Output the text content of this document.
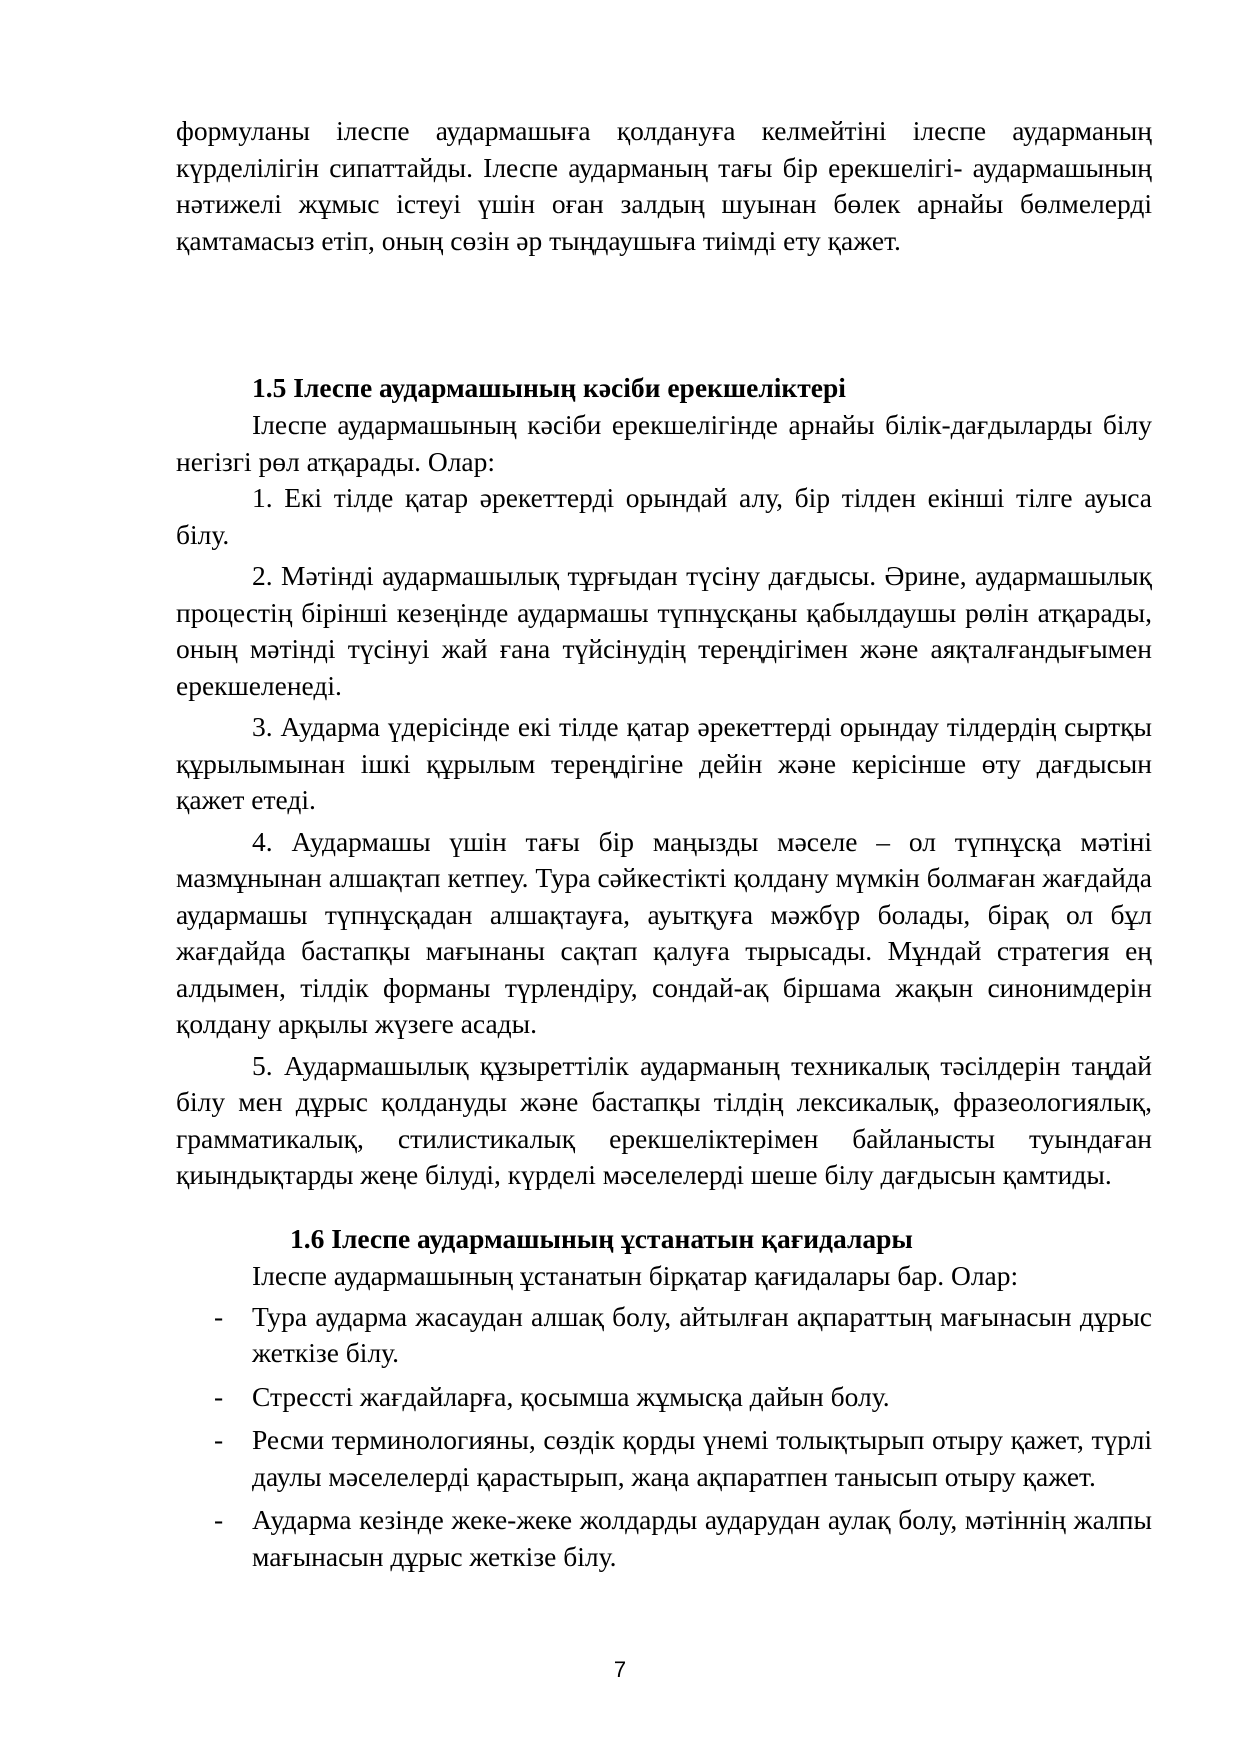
формуланы ілеспе аудармашыға қолдануға келмейтіні ілеспе аударманың күрделілігін сипаттайды. Ілеспе аударманың тағы бір ерекшелігі- аудармашының нәтижелі жұмыс істеуі үшін оған залдың шуынан бөлек арнайы бөлмелерді қамтамасыз етіп, оның сөзін әр тыңдаушыға тиімді ету қажет.

1.5 Ілеспе аудармашының кәсіби ерекшеліктері

Ілеспе аудармашының кәсіби ерекшелігінде арнайы білік-дағдыларды білу негізгі рөл атқарады. Олар:

1. Екі тілде қатар әрекеттерді орындай алу, бір тілден екінші тілге ауыса білу.

2. Мәтінді аудармашылық тұрғыдан түсіну дағдысы. Әрине, аудармашылық процестің бірінші кезеңінде аудармашы түпнұсқаны қабылдаушы рөлін атқарады, оның мәтінді түсінуі жай ғана түйсінудің тереңдігімен және аяқталғандығымен ерекшеленеді.

3. Аударма үдерісінде екі тілде қатар әрекеттерді орындау тілдердің сыртқы құрылымынан ішкі құрылым тереңдігіне дейін және керісінше өту дағдысын қажет етеді.

4. Аудармашы үшін тағы бір маңызды мәселе – ол түпнұсқа мәтіні мазмұнынан алшақтап кетпеу. Тура сәйкестікті қолдану мүмкін болмаған жағдайда аудармашы түпнұсқадан алшақтауға, ауытқуға мәжбүр болады, бірақ ол бұл жағдайда бастапқы мағынаны сақтап қалуға тырысады. Мұндай стратегия ең алдымен, тілдік форманы түрлендіру, сондай-ақ біршама жақын синонимдерін қолдану арқылы жүзеге асады.

5. Аудармашылық құзыреттілік аударманың техникалық тәсілдерін таңдай білу мен дұрыс қолдануды және бастапқы тілдің лексикалық, фразеологиялық, грамматикалық, стилистикалық ерекшеліктерімен байланысты туындаған қиындықтарды жеңе білуді, күрделі мәселелерді шеше білу дағдысын қамтиды.

1.6 Ілеспе аудармашының ұстанатын қағидалары

Ілеспе аудармашының ұстанатын бірқатар қағидалары бар. Олар:

- Тура аударма жасаудан алшақ болу, айтылған ақпараттың мағынасын дұрыс жеткізе білу.
- Стрессті жағдайларға, қосымша жұмысқа дайын болу.
- Ресми терминологияны, сөздік қорды үнемі толықтырып отыру қажет, түрлі даулы мәселелерді қарастырып, жаңа ақпаратпен танысып отыру қажет.
- Аударма кезінде жеке-жеке жолдарды аударудан аулақ болу, мәтіннің жалпы мағынасын дұрыс жеткізе білу.
7
